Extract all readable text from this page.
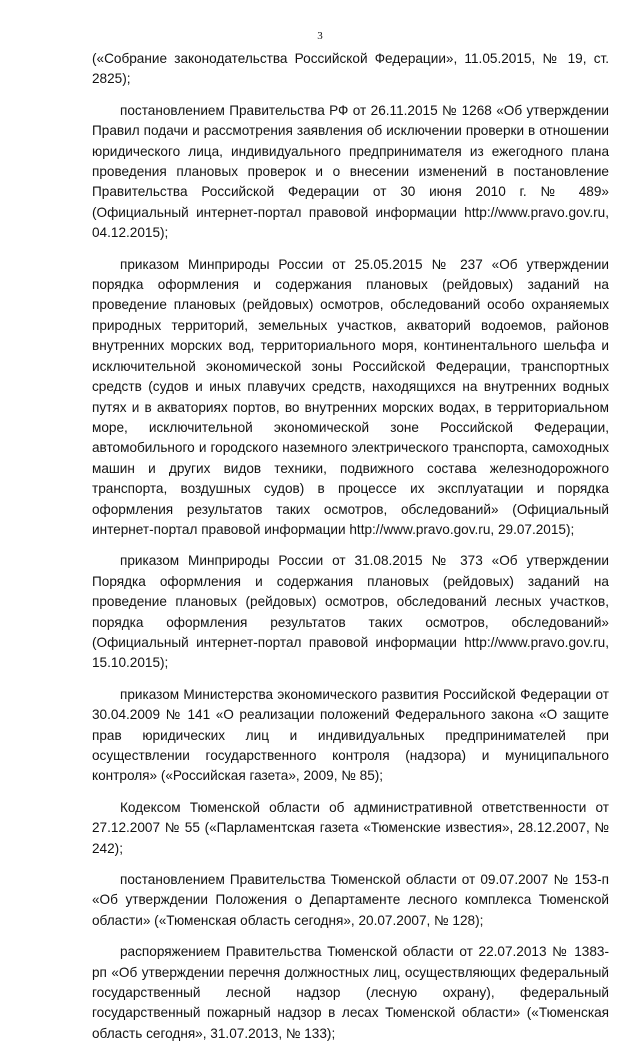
3

(«Собрание законодательства Российской Федерации», 11.05.2015, № 19, ст. 2825);

постановлением Правительства РФ от 26.11.2015 № 1268 «Об утверждении Правил подачи и рассмотрения заявления об исключении проверки в отношении юридического лица, индивидуального предпринимателя из ежегодного плана проведения плановых проверок и о внесении изменений в постановление Правительства Российской Федерации от 30 июня 2010 г. № 489» (Официальный интернет-портал правовой информации http://www.pravo.gov.ru, 04.12.2015);

приказом Минприроды России от 25.05.2015 № 237 «Об утверждении порядка оформления и содержания плановых (рейдовых) заданий на проведение плановых (рейдовых) осмотров, обследований особо охраняемых природных территорий, земельных участков, акваторий водоемов, районов внутренних морских вод, территориального моря, континентального шельфа и исключительной экономической зоны Российской Федерации, транспортных средств (судов и иных плавучих средств, находящихся на внутренних водных путях и в акваториях портов, во внутренних морских водах, в территориальном море, исключительной экономической зоне Российской Федерации, автомобильного и городского наземного электрического транспорта, самоходных машин и других видов техники, подвижного состава железнодорожного транспорта, воздушных судов) в процессе их эксплуатации и порядка оформления результатов таких осмотров, обследований» (Официальный интернет-портал правовой информации http://www.pravo.gov.ru, 29.07.2015);

приказом Минприроды России от 31.08.2015 № 373 «Об утверждении Порядка оформления и содержания плановых (рейдовых) заданий на проведение плановых (рейдовых) осмотров, обследований лесных участков, порядка оформления результатов таких осмотров, обследований» (Официальный интернет-портал правовой информации http://www.pravo.gov.ru, 15.10.2015);

приказом Министерства экономического развития Российской Федерации от 30.04.2009 № 141 «О реализации положений Федерального закона «О защите прав юридических лиц и индивидуальных предпринимателей при осуществлении государственного контроля (надзора) и муниципального контроля» («Российская газета», 2009, № 85);

Кодексом Тюменской области об административной ответственности от 27.12.2007 № 55 («Парламентская газета «Тюменские известия», 28.12.2007, № 242);

постановлением Правительства Тюменской области от 09.07.2007 № 153-п «Об утверждении Положения о Департаменте лесного комплекса Тюменской области» («Тюменская область сегодня», 20.07.2007, № 128);

распоряжением Правительства Тюменской области от 22.07.2013 № 1383-рп «Об утверждении перечня должностных лиц, осуществляющих федеральный государственный лесной надзор (лесную охрану), федеральный государственный пожарный надзор в лесах Тюменской области» («Тюменская область сегодня», 31.07.2013, № 133);
